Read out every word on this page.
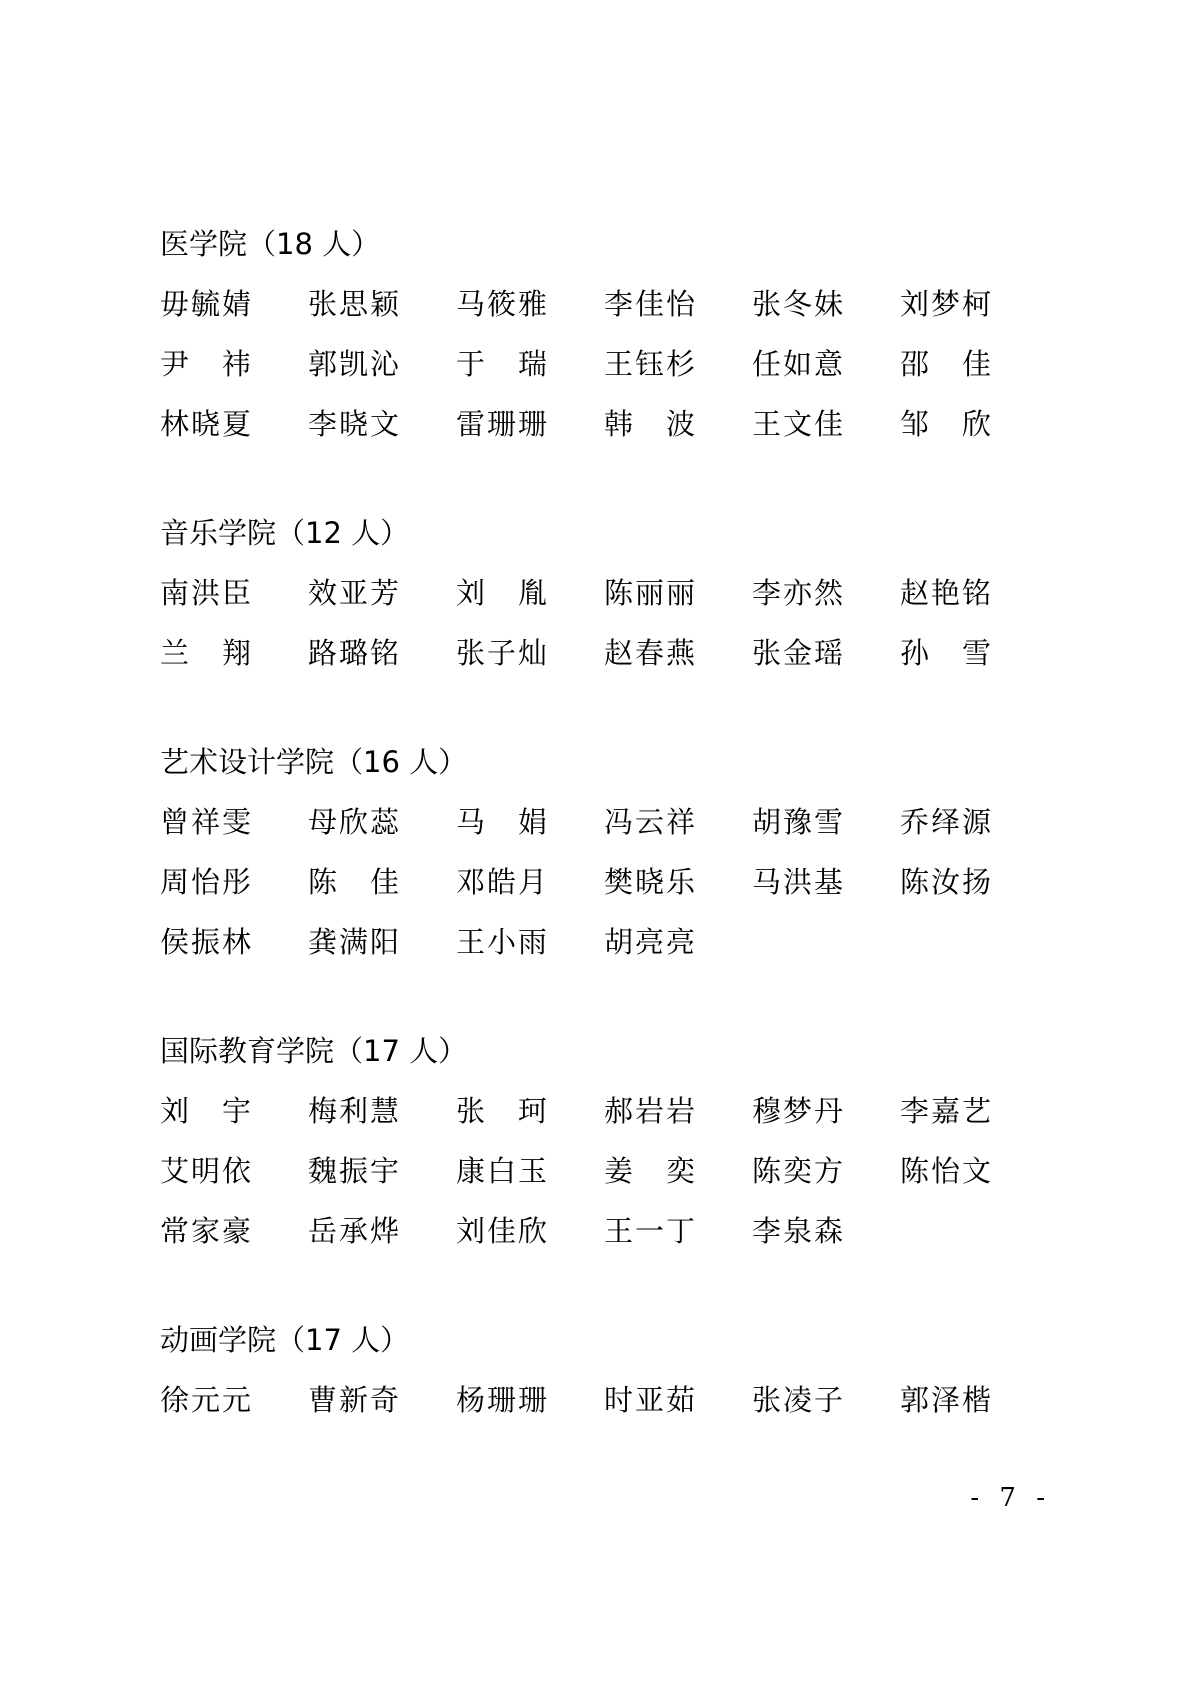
医学院（18 人）
毋毓婧 张思颖 马筱雅 李佳怡 张冬妹 刘梦柯
尹　祎 郭凯沁 于　瑞 王钰杉 任如意 邵　佳
林晓夏 李晓文 雷珊珊 韩　波 王文佳 邹　欣
音乐学院（12 人）
南洪臣 效亚芳 刘　胤 陈丽丽 李亦然 赵艳铭
兰　翔 路璐铭 张子灿 赵春燕 张金瑶 孙　雪
艺术设计学院（16 人）
曾祥雯 母欣蕊 马　娟 冯云祥 胡豫雪 乔绎源
周怡彤 陈　佳 邓皓月 樊晓乐 马洪基 陈汝扬
侯振林 龚满阳 王小雨 胡亮亮
国际教育学院（17 人）
刘　宇 梅利慧 张　珂 郝岩岩 穆梦丹 李嘉艺
艾明依 魏振宇 康白玉 姜　奕 陈奕方 陈怡文
常家豪 岳承烨 刘佳欣 王一丁 李泉森
动画学院（17 人）
徐元元 曹新奇 杨珊珊 时亚茹 张凌子 郭泽楷
- 7 -
